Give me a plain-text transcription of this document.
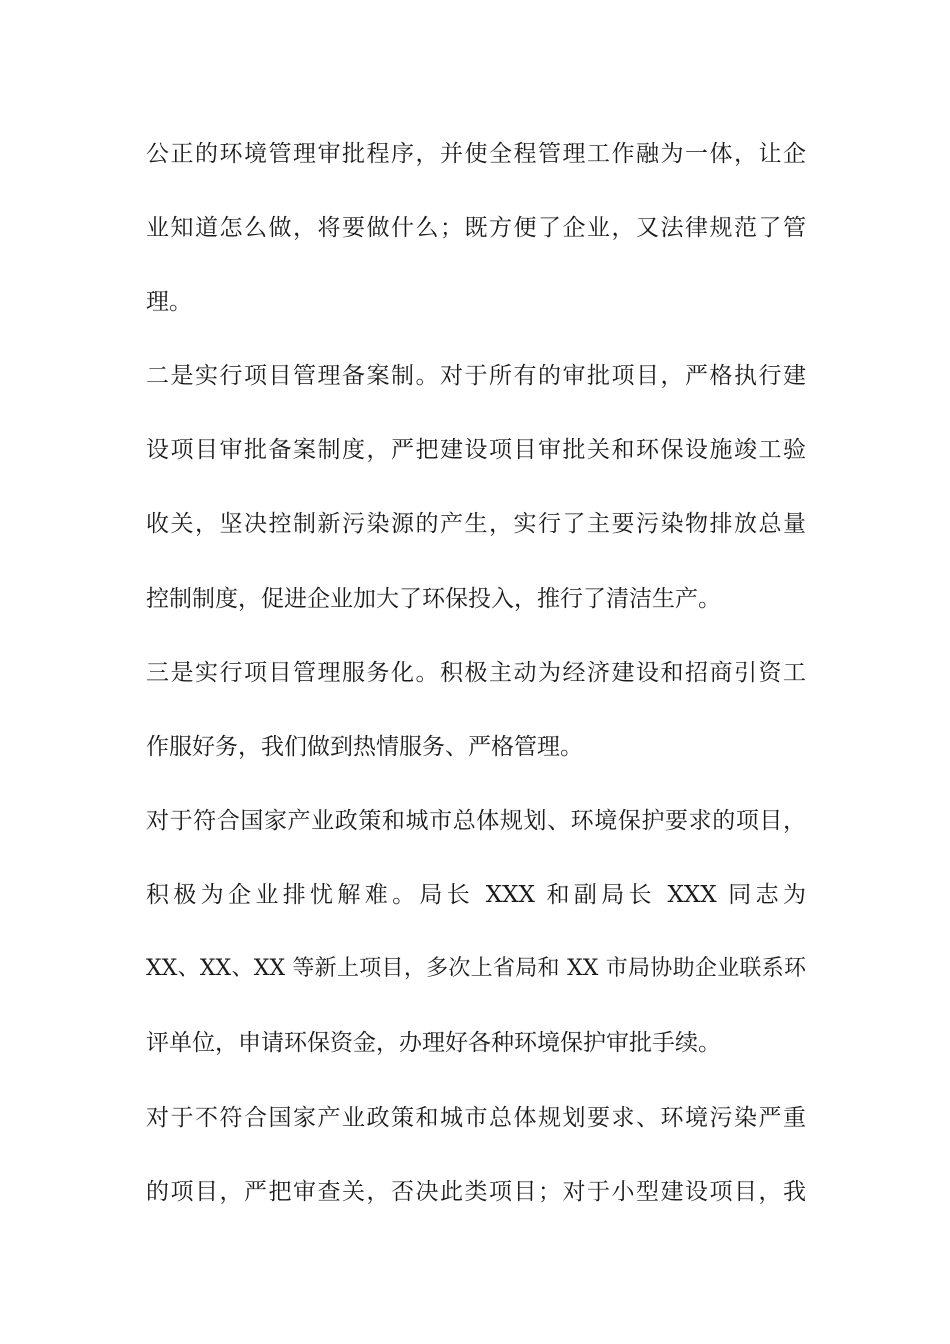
公正的环境管理审批程序，并使全程管理工作融为一体，让企
业知道怎么做，将要做什么；既方便了企业，又法律规范了管
理。
二是实行项目管理备案制。对于所有的审批项目，严格执行建
设项目审批备案制度，严把建设项目审批关和环保设施竣工验
收关，坚决控制新污染源的产生，实行了主要污染物排放总量
控制制度，促进企业加大了环保投入，推行了清洁生产。
三是实行项目管理服务化。积极主动为经济建设和招商引资工
作服好务，我们做到热情服务、严格管理。
对于符合国家产业政策和城市总体规划、环境保护要求的项目，
积极为企业排忧解难。局长 XXX 和副局长 XXX 同志为
XX、XX、XX 等新上项目，多次上省局和 XX 市局协助企业联系环
评单位，申请环保资金，办理好各种环境保护审批手续。
对于不符合国家产业政策和城市总体规划要求、环境污染严重
的项目，严把审查关，否决此类项目；对于小型建设项目，我
